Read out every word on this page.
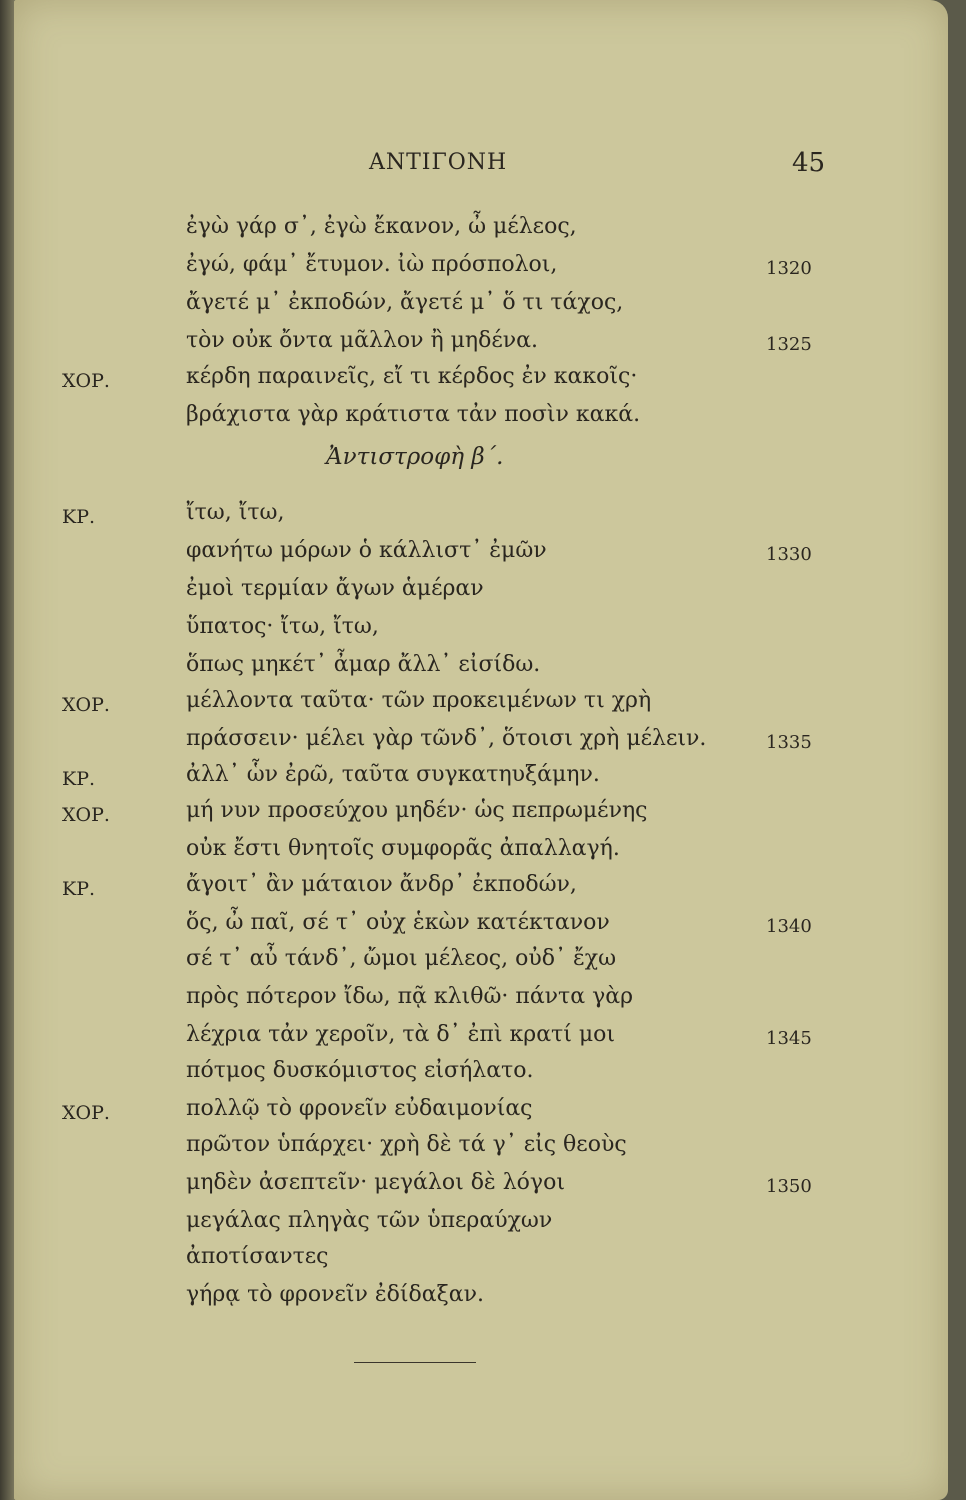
ΑΝΤΙΓΟΝΗ	45
ἐγὼ γάρ σ᾽, ἐγὼ ἔκανον, ὦ μέλεος,
ἐγώ, φάμ᾽ ἔτυμον. ἰὼ πρόσπολοι,	1320
ἄγετέ μ᾽ ἐκποδών, ἄγετέ μ᾽ ὅ τι τάχος,
τὸν οὐκ ὄντα μᾶλλον ἢ μηδένα.	1325
ΧΟΡ.	κέρδη παραινεῖς, εἴ τι κέρδος ἐν κακοῖς·
βράχιστα γὰρ κράτιστα τἀν ποσὶν κακά.
Ἀντιστροφὴ β΄.
ΚΡ.	ἴτω, ἴτω,
φανήτω μόρων ὁ κάλλιστ᾽ ἐμῶν	1330
ἐμοὶ τερμίαν ἄγων ἁμέραν
ὕπατος· ἴτω, ἴτω,
ὅπως μηκέτ᾽ ἆμαρ ἄλλ᾽ εἰσίδω.
ΧΟΡ.	μέλλοντα ταῦτα· τῶν προκειμένων τι χρὴ
πράσσειν· μέλει γὰρ τῶνδ᾽, ὅτοισι χρὴ μέλειν.	1335
ΚΡ.	ἀλλ᾽ ὧν ἐρῶ, ταῦτα συγκατηυξάμην.
ΧΟΡ.	μή νυν προσεύχου μηδέν· ὡς πεπρωμένης
οὐκ ἔστι θνητοῖς συμφορᾶς ἀπαλλαγή.
ΚΡ.	ἄγοιτ᾽ ἂν μάταιον ἄνδρ᾽ ἐκποδών,
ὅς, ὦ παῖ, σέ τ᾽ οὐχ ἑκὼν κατέκτανον	1340
σέ τ᾽ αὖ τάνδ᾽, ὤμοι μέλεος, οὐδ᾽ ἔχω
πρὸς πότερον ἴδω, πᾷ κλιθῶ· πάντα γὰρ
λέχρια τἀν χεροῖν, τὰ δ᾽ ἐπὶ κρατί μοι	1345
πότμος δυσκόμιστος εἰσήλατο.
ΧΟΡ.	πολλῷ τὸ φρονεῖν εὐδαιμονίας
πρῶτον ὑπάρχει· χρὴ δὲ τά γ᾽ εἰς θεοὺς
μηδὲν ἀσεπτεῖν· μεγάλοι δὲ λόγοι	1350
μεγάλας πληγὰς τῶν ὑπεραύχων
ἀποτίσαντες
γήρᾳ τὸ φρονεῖν ἐδίδαξαν.
